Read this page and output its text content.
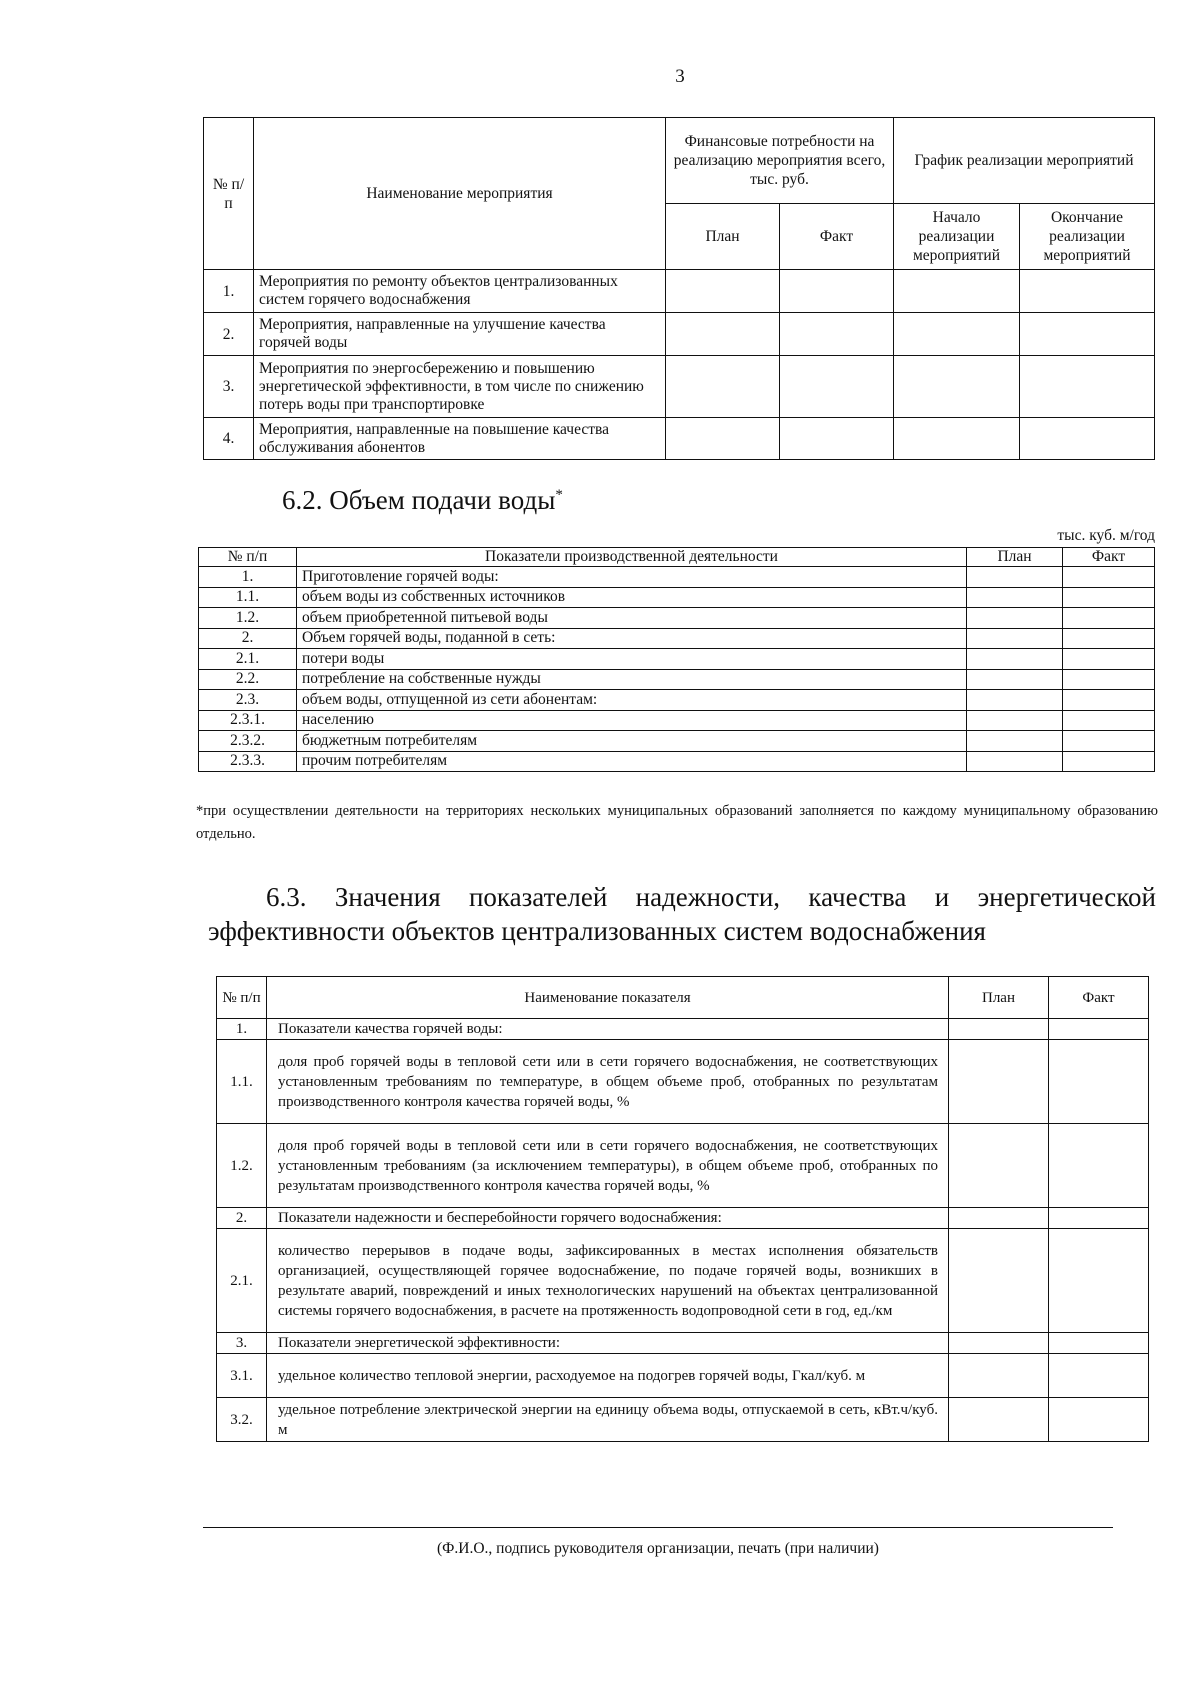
3
№ п/п	Наименование мероприятия	Финансовые потребности на реализацию мероприятия всего, тыс. руб.		График реализации мероприятий	
		План	Факт	Начало реализации мероприятий	Окончание реализации мероприятий
1.	Мероприятия по ремонту объектов централизованных систем горячего водоснабжения				
2.	Мероприятия, направленные на улучшение качества горячей воды				
3.	Мероприятия по энергосбережению и повышению энергетической эффективности, в том числе по снижению потерь воды при транспортировке				
4.	Мероприятия, направленные на повышение качества обслуживания абонентов				
6.2. Объем подачи воды*
тыс. куб. м/год
№ п/п	Показатели производственной деятельности	План	Факт
1.	Приготовление горячей воды:		
1.1.	объем воды из собственных источников		
1.2.	объем приобретенной питьевой воды		
2.	Объем горячей воды, поданной в сеть:		
2.1.	потери воды		
2.2.	потребление на собственные нужды		
2.3.	объем воды, отпущенной из сети абонентам:		
2.3.1.	населению		
2.3.2.	бюджетным потребителям		
2.3.3.	прочим потребителям		
*при осуществлении деятельности на территориях нескольких муниципальных образований заполняется по каждому муниципальному образованию отдельно.
6.3. Значения показателей надежности, качества и энергетической эффективности объектов централизованных систем водоснабжения
№ п/п	Наименование показателя	План	Факт
1.	Показатели качества горячей воды:		
1.1.	доля проб горячей воды в тепловой сети или в сети горячего водоснабжения, не соответствующих установленным требованиям по температуре, в общем объеме проб, отобранных по результатам производственного контроля качества горячей воды, %		
1.2.	доля проб горячей воды в тепловой сети или в сети горячего водоснабжения, не соответствующих установленным требованиям (за исключением температуры), в общем объеме проб, отобранных по результатам производственного контроля качества горячей воды, %		
2.	Показатели надежности и бесперебойности горячего водоснабжения:		
2.1.	количество перерывов в подаче воды, зафиксированных в местах исполнения обязательств организацией, осуществляющей горячее водоснабжение, по подаче горячей воды, возникших в результате аварий, повреждений и иных технологических нарушений на объектах централизованной системы горячего водоснабжения, в расчете на протяженность водопроводной сети в год, ед./км		
3.	Показатели энергетической эффективности:		
3.1.	удельное количество тепловой энергии, расходуемое на подогрев горячей воды, Гкал/куб. м		
3.2.	удельное потребление электрической энергии на единицу объема воды, отпускаемой в сеть, кВт.ч/куб. м		
(Ф.И.О., подпись руководителя организации, печать (при наличии)
